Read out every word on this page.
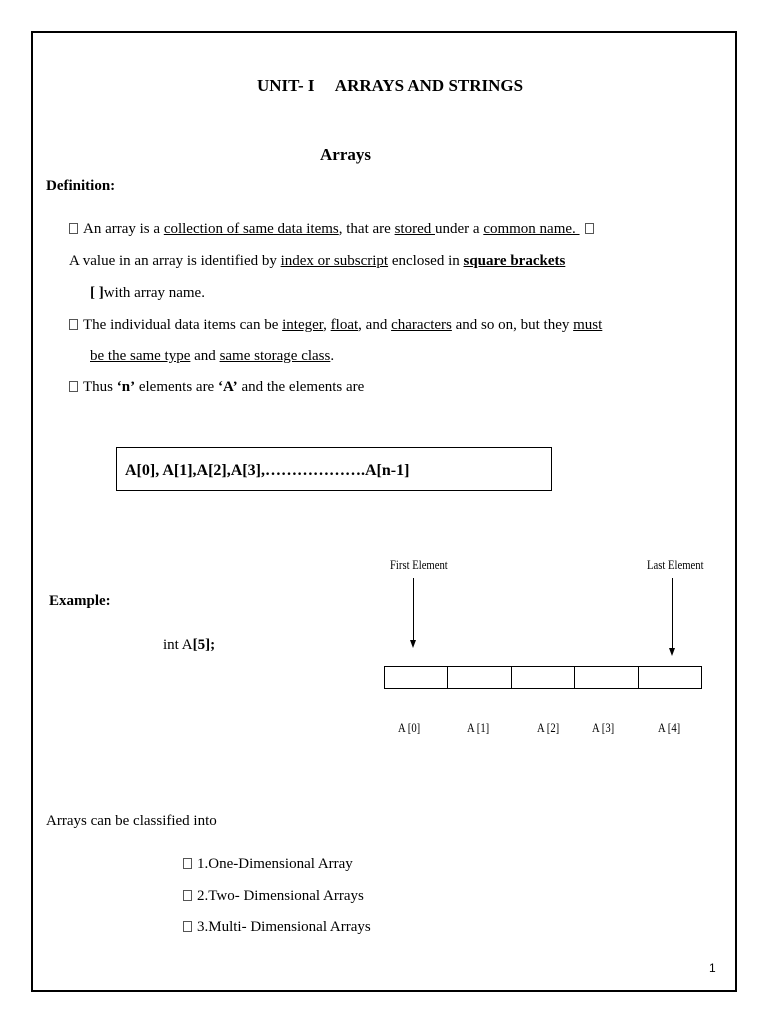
UNIT- I     ARRAYS AND STRINGS
Arrays
Definition:
An array is a collection of same data items, that are stored under a common name.
A value in an array is identified by index or subscript enclosed in square brackets
[ ]with array name.
The individual data items can be integer, float, and characters and so on, but they must
be the same type and same storage class.
Thus ‘n’ elements are ‘A’ and the elements are
A[0], A[1],A[2],A[3],……………….A[n-1]
First Element	Last Element
Example:
int A[5];
A [0]	A [1]	A [2]	A [3]	A [4]
Arrays can be classified into
1.One-Dimensional Array
2.Two- Dimensional Arrays
3.Multi- Dimensional Arrays
1
